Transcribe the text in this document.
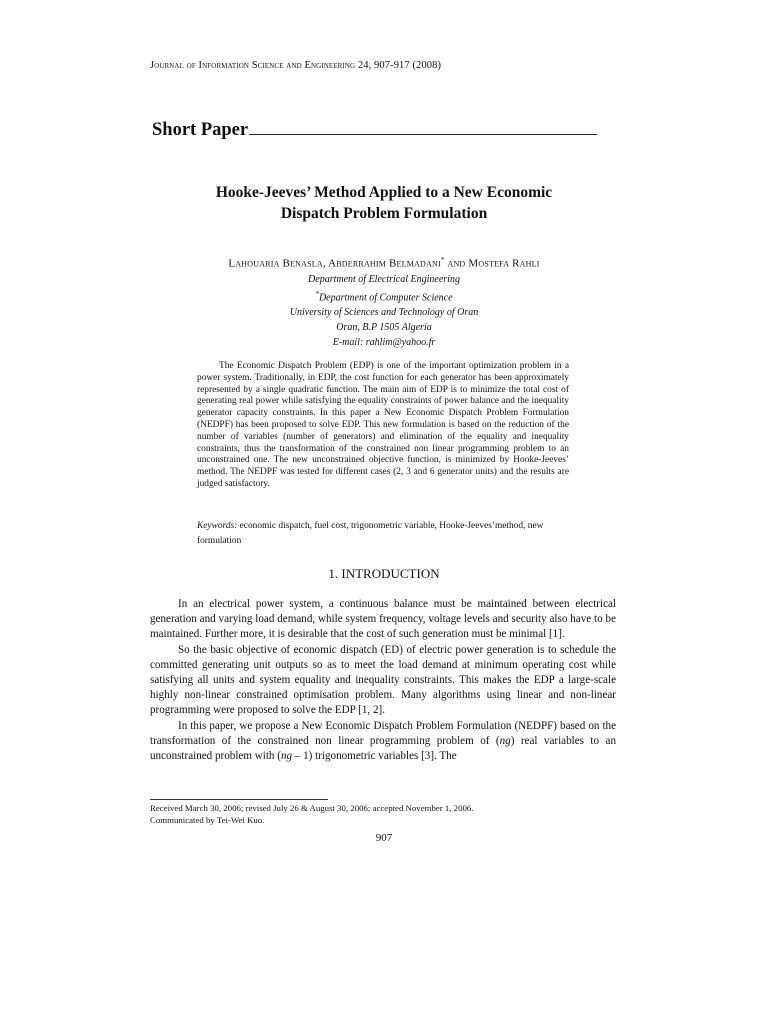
Journal of Information Science and Engineering 24, 907-917 (2008)
Short Paper
Hooke-Jeeves’ Method Applied to a New Economic
Dispatch Problem Formulation
Lahouaria Benasla, Abderrahim Belmadani* and Mostefa Rahli
Department of Electrical Engineering
*Department of Computer Science
University of Sciences and Technology of Oran
Oran, B.P 1505 Algeria
E-mail: rahlim@yahoo.fr
The Economic Dispatch Problem (EDP) is one of the important optimization problem in a power system. Traditionally, in EDP, the cost function for each generator has been approximately represented by a single quadratic function. The main aim of EDP is to minimize the total cost of generating real power while satisfying the equality constraints of power balance and the inequality generator capacity constraints. In this paper a New Economic Dispatch Problem Formulation (NEDPF) has been proposed to solve EDP. This new formulation is based on the reduction of the number of variables (number of generators) and elimination of the equality and inequality constraints, thus the transformation of the constrained non linear programming problem to an unconstrained one. The new unconstrained objective function, is minimized by Hooke-Jeeves’ method. The NEDPF was tested for different cases (2, 3 and 6 generator units) and the results are judged satisfactory.
Keywords: economic dispatch, fuel cost, trigonometric variable, Hooke-Jeeves’method, new formulation
1. INTRODUCTION

In an electrical power system, a continuous balance must be maintained between electrical generation and varying load demand, while system frequency, voltage levels and security also have to be maintained. Further more, it is desirable that the cost of such generation must be minimal [1].

So the basic objective of economic dispatch (ED) of electric power generation is to schedule the committed generating unit outputs so as to meet the load demand at minimum operating cost while satisfying all units and system equality and inequality constraints. This makes the EDP a large-scale highly non-linear constrained optimisation problem. Many algorithms using linear and non-linear programming were proposed to solve the EDP [1, 2].

In this paper, we propose a New Economic Dispatch Problem Formulation (NEDPF) based on the transformation of the constrained non linear programming problem of (ng) real variables to an unconstrained problem with (ng – 1) trigonometric variables [3]. The

Received March 30, 2006; revised July 26 & August 30, 2006; accepted November 1, 2006.
Communicated by Tei-Wei Kuo.
907
